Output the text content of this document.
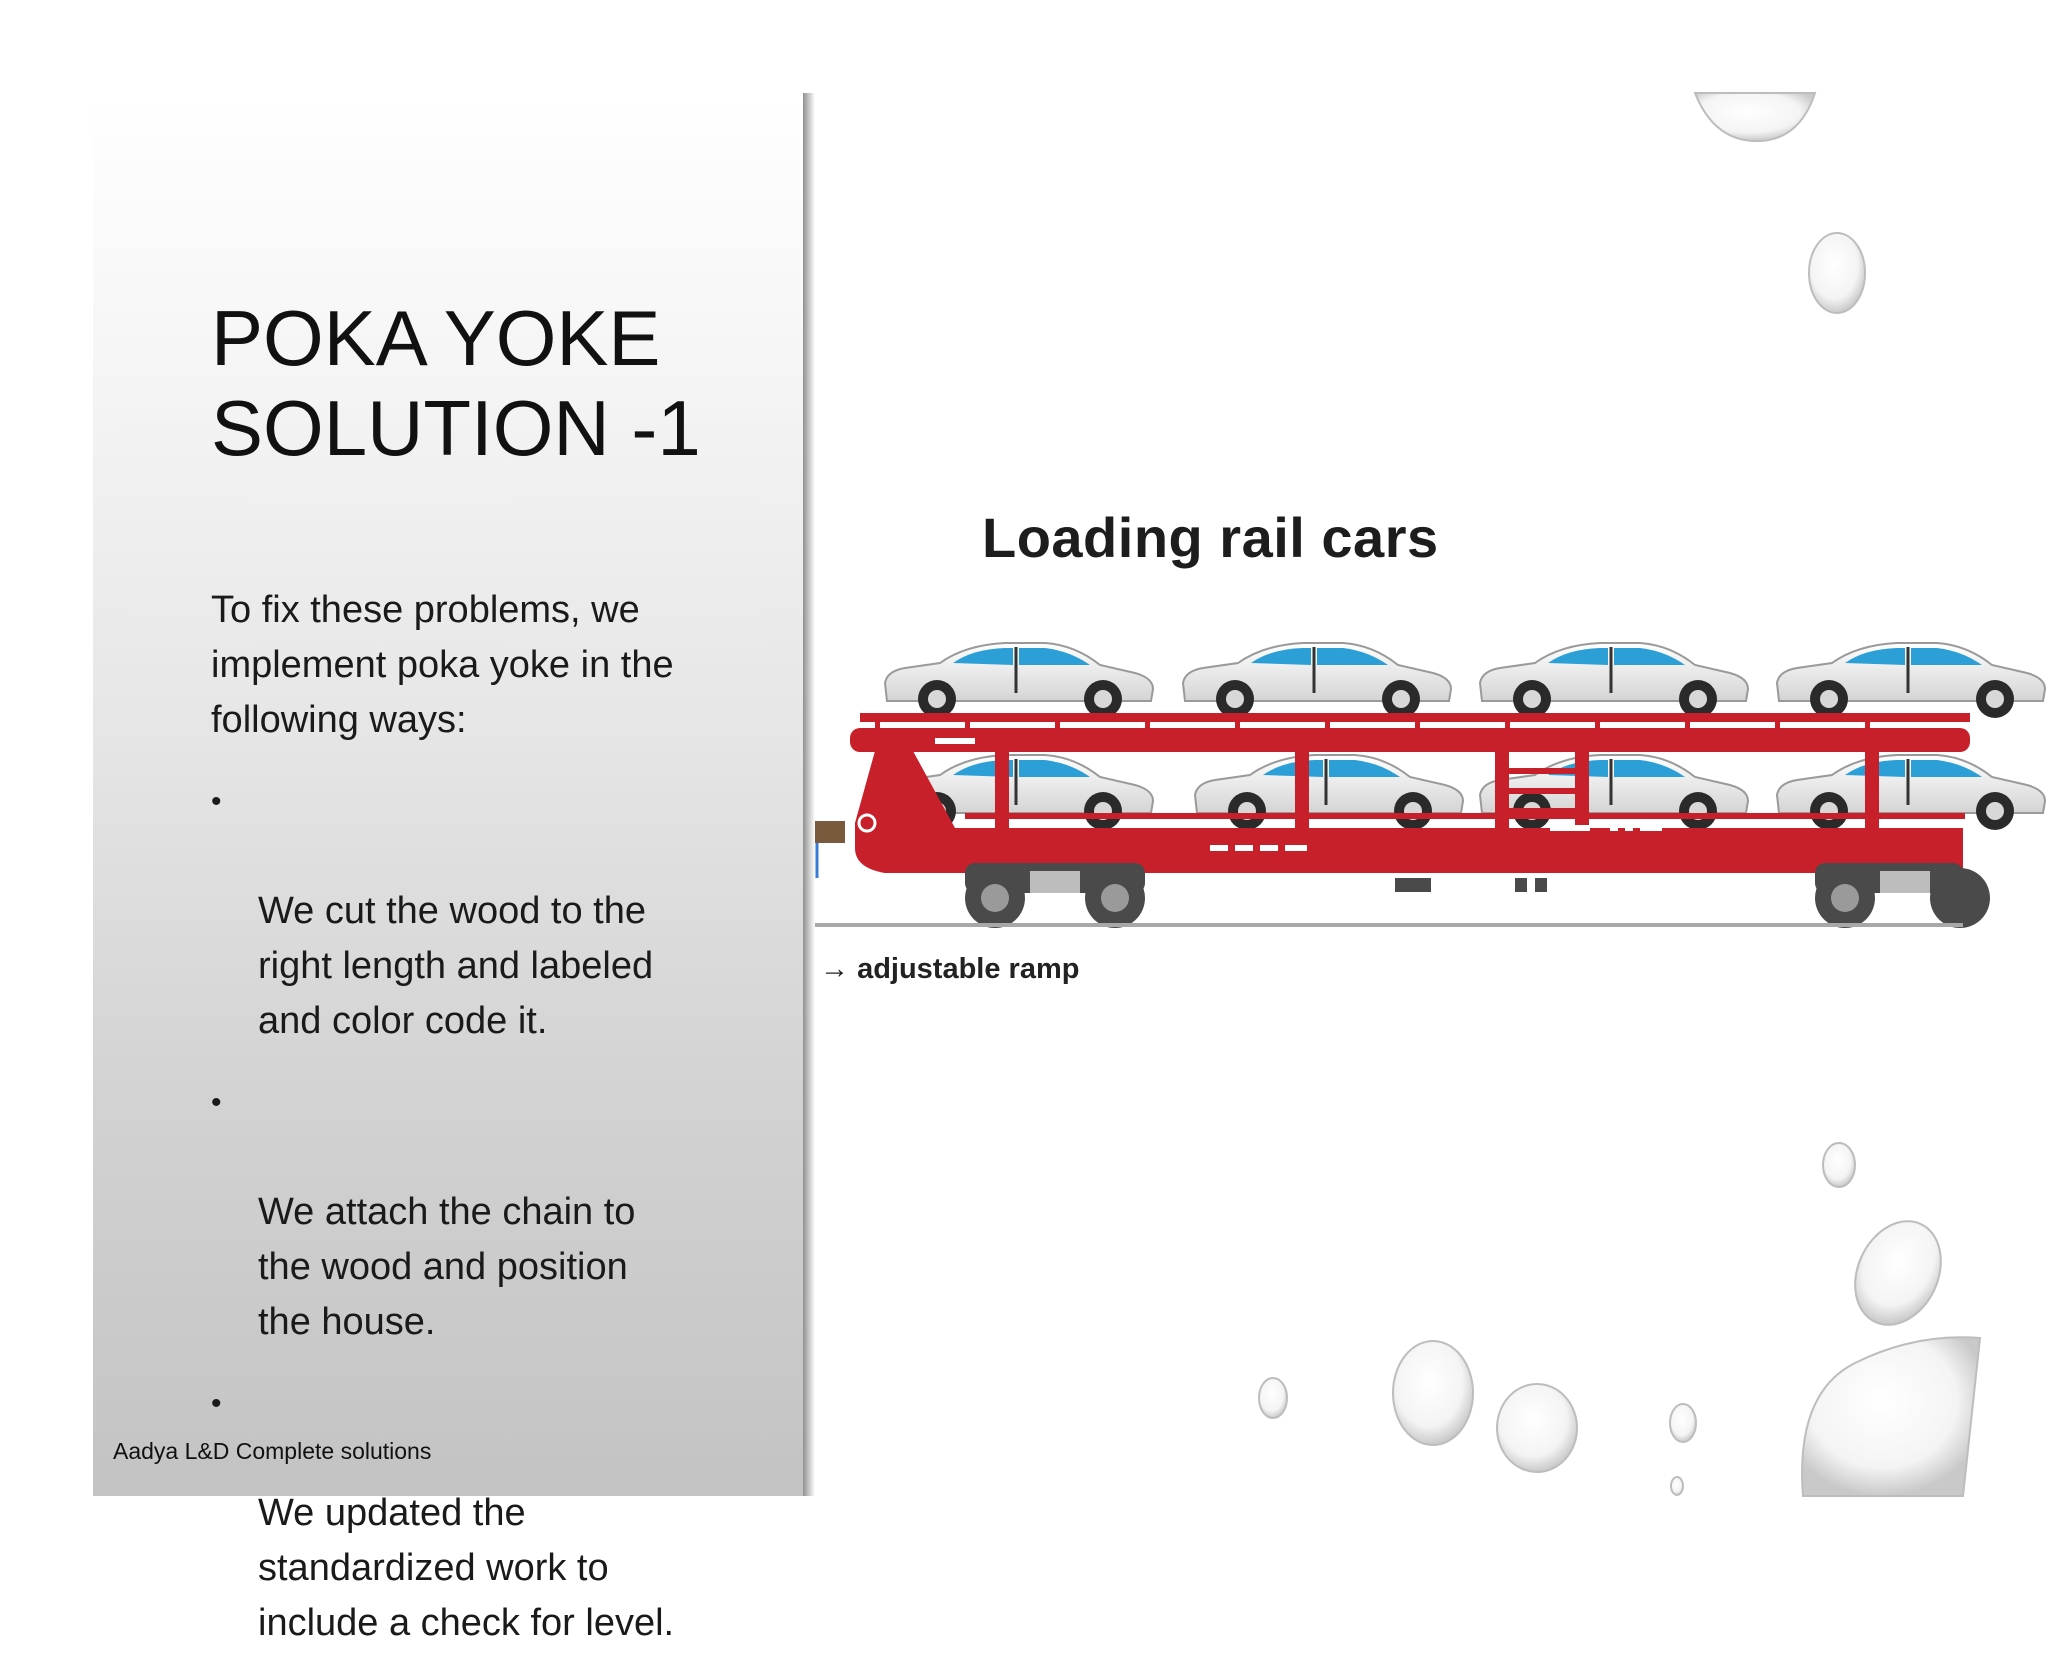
POKA YOKE
SOLUTION -1

To fix these problems, we
implement poka yoke in the
following ways:

•

We cut the wood to the
right length and labeled
and color code it.

•

We attach the chain to
the wood and position
the house.

•

We updated the
standardized work to
include a check for level.

Aadya L&D Complete solutions
Loading rail cars
→ adjustable ramp
